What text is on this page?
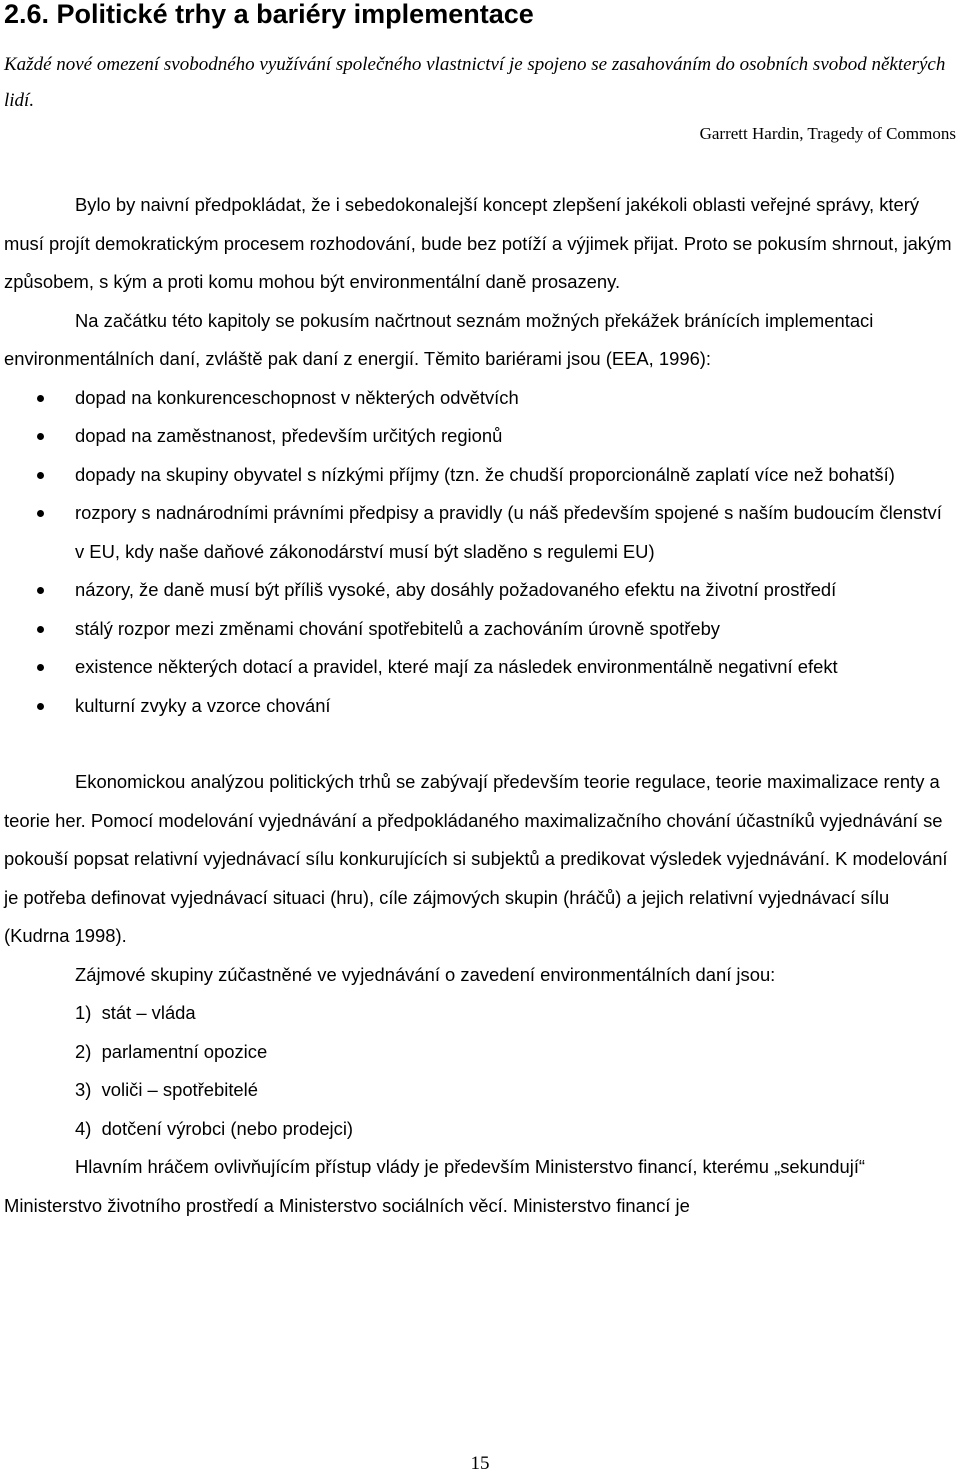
2.6. Politické trhy a bariéry implementace
Každé nové omezení svobodného využívání společného vlastnictví je spojeno se zasahováním do osobních svobod některých lidí.
Garrett Hardin, Tragedy of Commons

Bylo by naivní předpokládat, že i sebedokonalejší koncept zlepšení jakékoli oblasti veřejné správy, který musí projít demokratickým procesem rozhodování, bude bez potíží a výjimek přijat. Proto se pokusím shrnout, jakým způsobem, s kým a proti komu mohou být environmentální daně prosazeny.

Na začátku této kapitoly se pokusím načrtnout seznám možných překážek bránících implementaci environmentálních daní, zvláště pak daní z energií. Těmito bariérami jsou (EEA, 1996):

dopad na konkurenceschopnost v některých odvětvích
dopad na zaměstnanost, především určitých regionů
dopady na skupiny obyvatel s nízkými příjmy (tzn. že chudší proporcionálně zaplatí více než bohatší)
rozpory s nadnárodními právními předpisy a pravidly (u náš především spojené s naším budoucím členství v EU, kdy naše daňové zákonodárství musí být sladěno s regulemi EU)
názory, že daně musí být příliš vysoké, aby dosáhly požadovaného efektu na životní prostředí
stálý rozpor mezi změnami chování spotřebitelů a zachováním úrovně spotřeby
existence některých dotací a pravidel, které mají za následek environmentálně negativní efekt
kulturní zvyky a vzorce chování

Ekonomickou analýzou politických trhů se zabývají především teorie regulace, teorie maximalizace renty a teorie her. Pomocí modelování vyjednávání a předpokládaného maximalizačního chování účastníků vyjednávání se pokouší popsat relativní vyjednávací sílu konkurujících si subjektů a predikovat výsledek vyjednávání. K modelování je potřeba definovat vyjednávací situaci (hru), cíle zájmových skupin (hráčů) a jejich relativní vyjednávací sílu (Kudrna 1998).

Zájmové skupiny zúčastněné ve vyjednávání o zavedení environmentálních daní jsou:

1)  stát – vláda
2)  parlamentní opozice
3)  voliči – spotřebitelé
4)  dotčení výrobci (nebo prodejci)

Hlavním hráčem ovlivňujícím přístup vlády je především Ministerstvo financí, kterému „sekundují“ Ministerstvo životního prostředí a Ministerstvo sociálních věcí. Ministerstvo financí je

15
